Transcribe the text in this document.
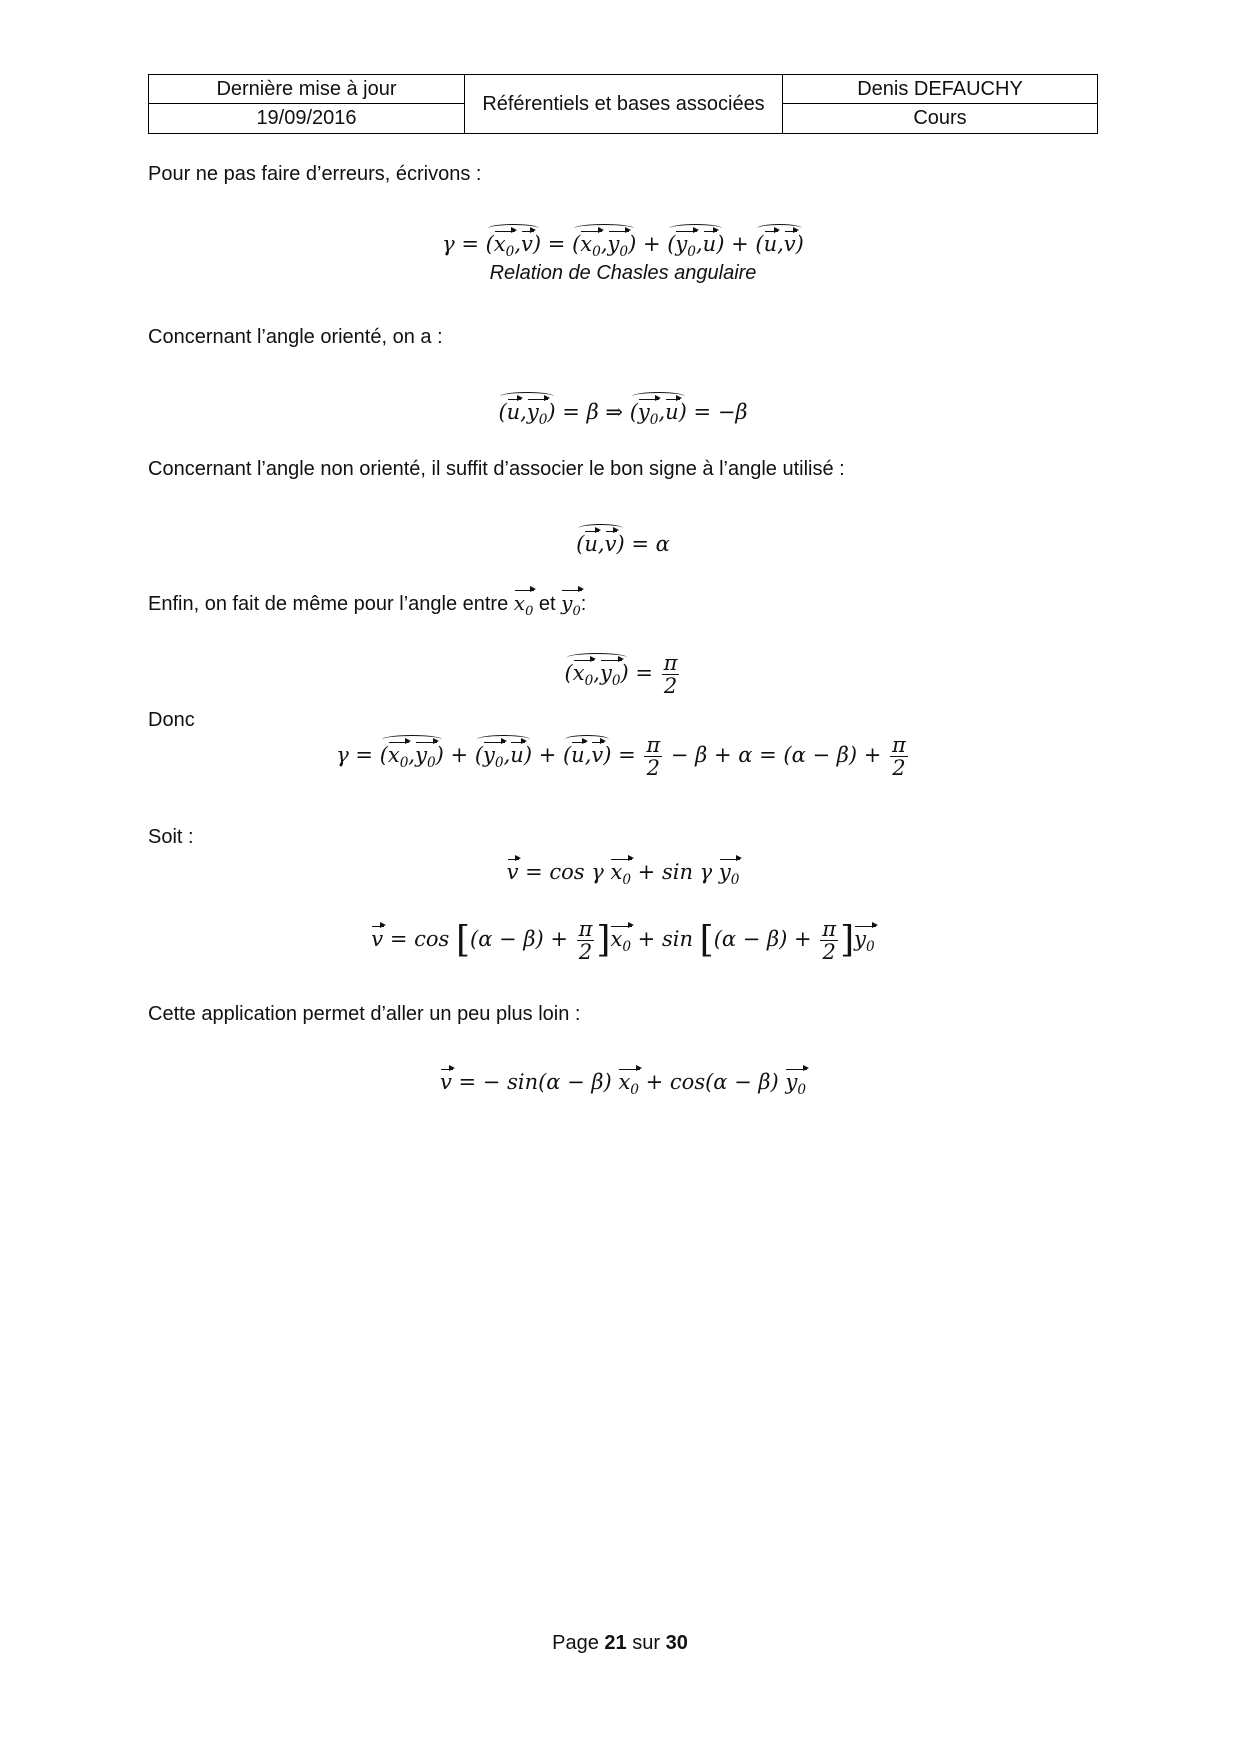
Dernière mise à jour
19/09/2016
Référentiels et bases associées
Denis DEFAUCHY
Cours
Pour ne pas faire d’erreurs, écrivons :
$\gamma = (x_0,v) = (x_0,y_0) + (y_0,u) + (u,v)$
Relation de Chasles angulaire
Concernant l’angle orienté, on a :
$(u,y_0) = \beta$ ⇒ $(y_0,u) = -\beta$
Concernant l’angle non orienté, il suffit d’associer le bon signe à l’angle utilisé :
(u,v) = α
Enfin, on fait de même pour l’angle entre $x_0$ et $y_0$:
$(x_0,y_0) = \frac{\pi}{2}$
Donc
$\gamma = (x_0,y_0) + (y_0,u) + (u,v) = \frac{\pi}{2} - \beta + \alpha = (\alpha - \beta) + \frac{\pi}{2}$
Soit :
v = cos γ $x_0 + \sin \gamma$ $y_0$
$v = \cos [(\alpha - \beta) + \frac{\pi}{2} ]x_0 + \sin [(\alpha - \beta) + \frac{\pi}{2} ]y_0$
Cette application permet d’aller un peu plus loin :
v = − sin(α − β) $x_0 + \cos(\alpha - \beta)$ $y_0$
Page 21 sur 30
